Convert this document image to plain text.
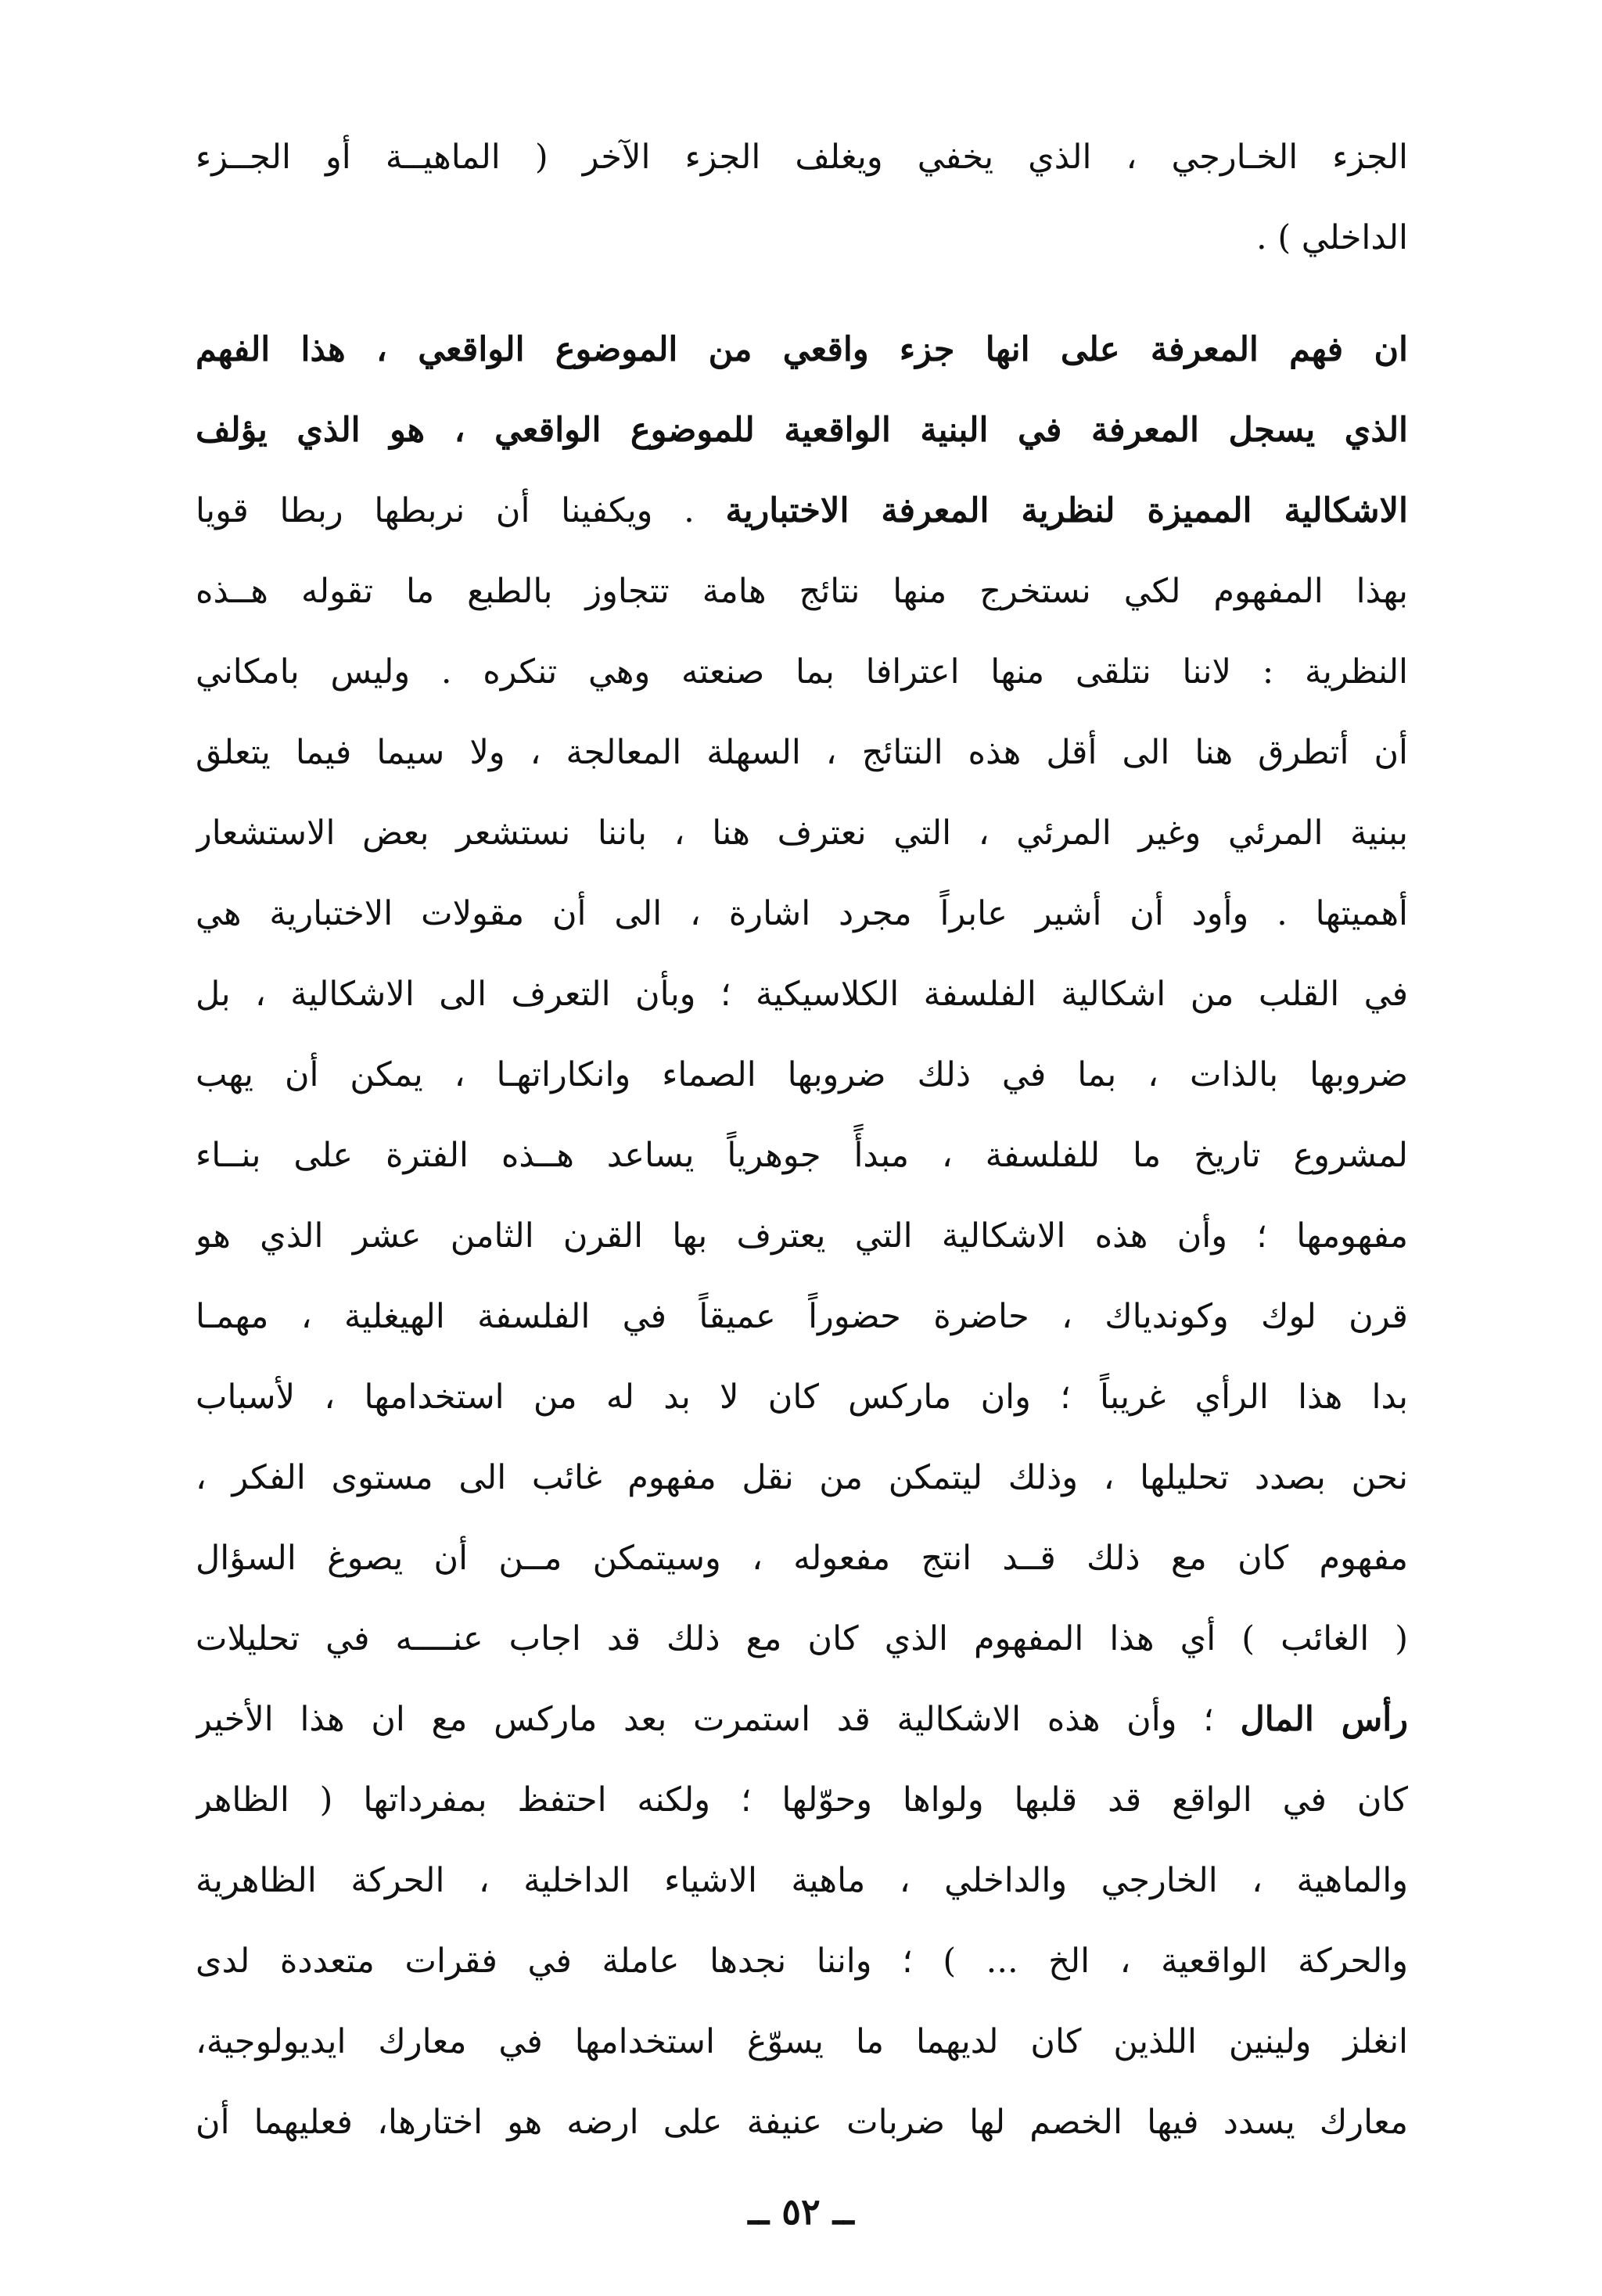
الجزء الخـارجي ، الذي يخفي ويغلف الجزء الآخر ( الماهيــة أو الجــزء
الداخلي ) .
ان فهم المعرفة على انها جزء واقعي من الموضوع الواقعي ، هذا الفهم
الذي يسجل المعرفة في البنية الواقعية للموضوع الواقعي ، هو الذي يؤلف
الاشكالية المميزة لنظرية المعرفة الاختبارية . ويكفينا أن نربطها ربطا قويا
بهذا المفهوم لكي نستخرج منها نتائج هامة تتجاوز بالطبع ما تقوله هــذه
النظرية : لاننا نتلقى منها اعترافا بما صنعته وهي تنكره . وليس بامكاني
أن أتطرق هنا الى أقل هذه النتائج ، السهلة المعالجة ، ولا سيما فيما يتعلق
ببنية المرئي وغير المرئي ، التي نعترف هنا ، باننا نستشعر بعض الاستشعار
أهميتها . وأود أن أشير عابراً مجرد اشارة ، الى أن مقولات الاختبارية هي
في القلب من اشكالية الفلسفة الكلاسيكية ؛ وبأن التعرف الى الاشكالية ، بل
ضروبها بالذات ، بما في ذلك ضروبها الصماء وانكاراتهـا ، يمكن أن يهب
لمشروع تاريخ ما للفلسفة ، مبدأً جوهرياً يساعد هــذه الفترة على بنــاء
مفهومها ؛ وأن هذه الاشكالية التي يعترف بها القرن الثامن عشر الذي هو
قرن لوك وكوندياك ، حاضرة حضوراً عميقاً في الفلسفة الهيغلية ، مهمـا
بدا هذا الرأي غريباً ؛ وان ماركس كان لا بد له من استخدامها ، لأسباب
نحن بصدد تحليلها ، وذلك ليتمكن من نقل مفهوم غائب الى مستوى الفكر ،
مفهوم كان مع ذلك قــد انتج مفعوله ، وسيتمكن مــن أن يصوغ السؤال
( الغائب ) أي هذا المفهوم الذي كان مع ذلك قد اجاب عنــــه في تحليلات
رأس المال ؛ وأن هذه الاشكالية قد استمرت بعد ماركس مع ان هذا الأخير
كان في الواقع قد قلبها ولواها وحوّلها ؛ ولكنه احتفظ بمفرداتها ( الظاهر
والماهية ، الخارجي والداخلي ، ماهية الاشياء الداخلية ، الحركة الظاهرية
والحركة الواقعية ، الخ ... ) ؛ واننا نجدها عاملة في فقرات متعددة لدى
انغلز ولينين اللذين كان لديهما ما يسوّغ استخدامها في معارك ايديولوجية،
معارك يسدد فيها الخصم لها ضربات عنيفة على ارضه هو اختارها، فعليهما أن
ــ ٥٢ ــ
